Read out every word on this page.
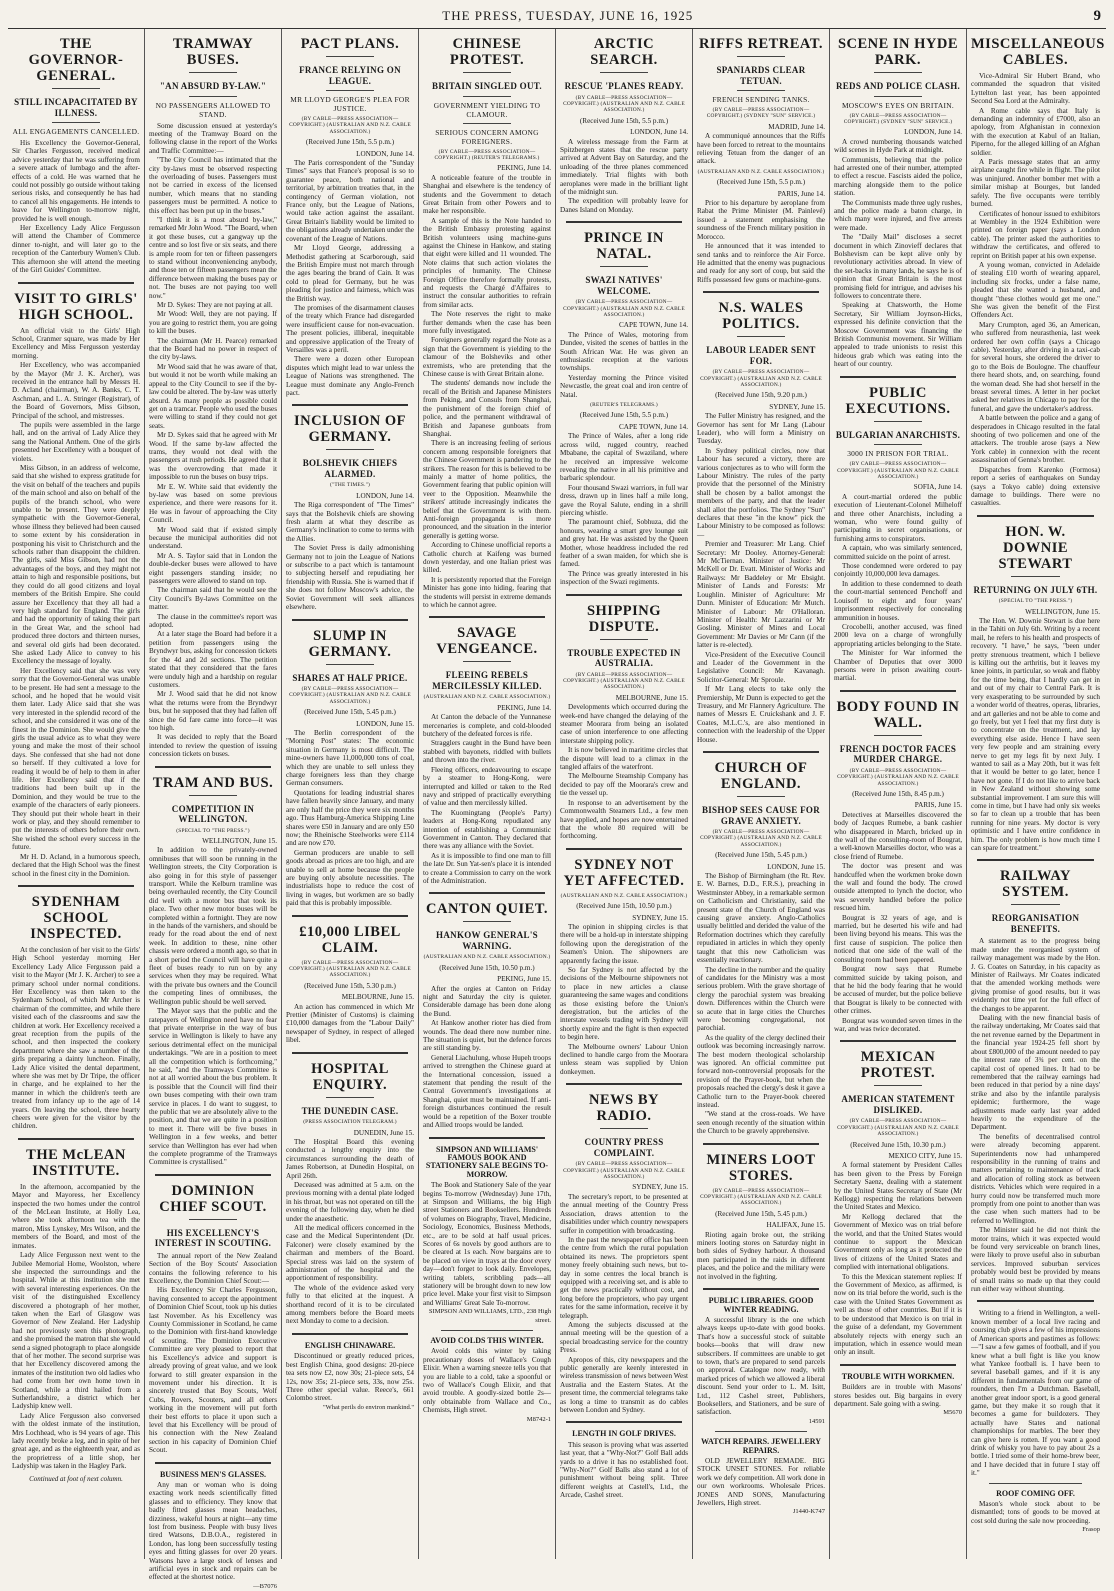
THE PRESS, TUESDAY, JUNE 16, 1925	9
THE GOVERNOR-GENERAL.
STILL INCAPACITATED BY ILLNESS.
ALL ENGAGEMENTS CANCELLED.

His Excellency the Governor-General, Sir Charles Fergusson, received medical advice yesterday that he was suffering from a severe attack of lumbago and the after-effects of a cold. He was warned that he could not possibly go outside without taking serious risks, and consequently he has had to cancel all his engagements. He intends to leave for Wellington to-morrow night, provided he is well enough.

Her Excellency Lady Alice Fergusson will attend the Chamber of Commerce dinner to-night, and will later go to the reception of the Canterbury Women's Club. This afternoon she will attend the meeting of the Girl Guides' Committee.

VISIT TO GIRLS' HIGH SCHOOL.

An official visit to the Girls' High School, Cranmer square, was made by Her Excellency and Miss Fergusson yesterday morning.

Her Excellency, who was accompanied by the Mayor (Mr J. K. Archer), was received in the entrance hall by Messrs H. D. Acland (chairman), W. A. Banks, C. T. Aschman, and L. A. Stringer (Registrar), of the Board of Governors, Miss Gibson, Principal of the school, and mistresses.

The pupils were assembled in the large hall, and on the arrival of Lady Alice they sang the National Anthem. One of the girls presented her Excellency with a bouquet of violets.

Miss Gibson, in an address of welcome, said that she wished to express gratitude for the visit on behalf of the teachers and pupils of the main school and also on behalf of the pupils of the branch school, who were unable to be present. They were deeply sympathetic with the Governor-General, whose illness they believed had been caused to some extent by his consideration in postponing his visit to Christchurch and the schools rather than disappoint the children. The girls, said Miss Gibson, had not the advantages of the boys, and they might not attain to high and responsible positions, but they could do all good citizens and loyal members of the British Empire. She could assure her Excellency that they all had a very high standard for England. The girls and had the opportunity of taking their part in the Great War, and the school had produced three doctors and thirteen nurses, and several old girls had been decorated. She asked Lady Alice to convey to his Excellency the message of loyalty.

Her Excellency said that she was very sorry that the Governor-General was unable to be present. He had sent a message to the school, and he hoped that he would visit them later. Lady Alice said that she was very interested in the splendid record of the school, and she considered it was one of the finest in the Dominion. She would give the girls the usual advice as to what they were young and make the most of their school days. She confessed that she had not done so herself. If they cultivated a love for reading it would be of help to them in after life. Her Excellency said that if the traditions had been built up in the Dominion, and they would be true to the example of the characters of early pioneers. They should put their whole heart in their work or play, and they should remember to put the interests of others before their own. She wished the school every success in the future.

Mr H. D. Acland, in a humorous speech, declared that the High School was the finest school in the finest city in the Dominion.

SYDENHAM SCHOOL INSPECTED.

At the conclusion of her visit to the Girls' High School yesterday morning Her Excellency Lady Alice Fergusson paid a visit to the Mayor (Mr J. K. Archer) to see a primary school under normal conditions. Her Excellency was then taken to the Sydenham School, of which Mr Archer is chairman of the committee, and while there visited each of the classrooms and saw the children at work. Her Excellency received a great reception from the pupils of the school, and then inspected the cookery department where she saw a number of the girls preparing a dainty luncheon. Finally, Lady Alice visited the dental department, where she was met by Dr Tripe, the officer in charge, and he explained to her the manner in which the children's teeth are treated from infancy up to the age of 14 years. On leaving the school, three hearty cheers were given for the visitor by the children.

THE McLEAN INSTITUTE.

In the afternoon, accompanied by the Mayor and Mayoress, her Excellency inspected the two homes under the control of the McLean Institute, at Holly Lea, where she took afternoon tea with the matron, Miss Lynskey, Mrs Wilson, and the members of the Board, and most of the inmates.

Lady Alice Fergusson next went to the Jubilee Memorial Home, Woolston, where she inspected the surroundings and the hospital. While at this institution she met with several interesting experiences. On the visit of the distinguished Excellency discovered a photograph of her mother, taken when the Earl of Glasgow was Governor of New Zealand. Her Ladyship had not previously seen this photograph, and she promised the matron that she would send a signed photograph to place alongside that of her mother. The second surprise was that her Excellency discovered among the inmates of the institution two old ladies who had come from her own home town in Scotland, while a third hailed from a Sutherlandshire, a district which her Ladyship knew well.

Lady Alice Fergusson also conversed with the oldest inmate of the institution, Mrs Lochhead, who is 94 years of age. This lady recently broke a leg, and in spite of her great age, and as the eighteenth year, and as the proprietress of a little shop, her Ladyship was taken in the Hagley Park.

Continued at foot of next column.
TRAMWAY BUSES.
"AN ABSURD BY-LAW."
NO PASSENGERS ALLOWED TO STAND.

Some discussion ensued at yesterday's meeting of the Tramway Board on the following clause in the report of the Works and Traffic Committee:—

"The City Council has intimated that the city by-laws must be observed respecting the overloading of buses. Passengers must not be carried in excess of the licensed number, which means that no standing passengers must be permitted. A notice to this effect has been put up in the buses."

"I think it is a most absurd by-law," remarked Mr John Wood. "The Board, when it got these buses, cut a gangway up the centre and so lost five or six seats, and there is ample room for ten or fifteen passengers to stand without inconveniencing anybody, and those ten or fifteen passengers mean the difference between making the buses pay or not. The buses are not paying too well now."

Mr D. Sykes: They are not paying at all.

Mr Wood: Well, they are not paying. If you are going to restrict them, you are going to kill the buses.

The chairman (Mr H. Pearce) remarked that the Board had no power in respect of the city by-laws.

Mr Wood said that he was aware of that, but would it not be worth while making an appeal to the City Council to see if the by-law could be altered. The by-law was utterly absurd. As many people as possible could get on a tramcar. People who used the buses were willing to stand if they could not get seats.

Mr D. Sykes said that he agreed with Mr Wood. If the same by-law affected the trams, they would not deal with the passengers at rush periods. He agreed that it was the overcrowding that made it impossible to run the buses on busy trips.

Mr E. W. White said that evidently the by-law was based on some previous experience, and there were reasons for it. He was in favour of approaching the City Council.

Mr Wood said that if existed simply because the municipal authorities did not understand.

Mr A. S. Taylor said that in London the double-decker buses were allowed to have eight passengers standing inside; no passengers were allowed to stand on top.

The chairman said that he would see the City Council's By-laws Committee on the matter.

The clause in the committee's report was adopted.

At a later stage the Board had before it a petition from passengers using the Bryndwyr bus, asking for concession tickets for the 4d and 2d sections. The petition stated that they considered that the fares were unduly high and a hardship on regular customers.

Mr J. Wood said that he did not know what the returns were from the Bryndwyr bus, but he supposed that they had fallen off since the 6d fare came into force—it was too high.

It was decided to reply that the Board intended to review the question of issuing concession tickets on buses.

TRAM AND BUS.
COMPETITION IN WELLINGTON.
(SPECIAL TO "THE PRESS.")
WELLINGTON, June 15.

In addition to the privately-owned omnibuses that will soon be running in the Wellington streets, the City Corporation is also going in for this style of passenger transport. While the Kelburn tramline was being overhauled recently, the City Council did well with a motor bus that took its place. Two other new motor buses will be completed within a fortnight. They are now in the hands of the varnishers, and should be ready for the road about the end of next week. In addition to these, nine other chassis were ordered a month ago, so that in a short period the Council will have quite a fleet of buses ready to run on by any services when they may be required. What with the private bus owners and the Council the competing lines of omnibuses, the Wellington public should be well served.

The Mayor says that the public and the ratepayers of Wellington need have no fear that private enterprise in the way of bus service in Wellington is likely to have any serious detrimental effect on the municipal undertakings. "We are in a position to meet all the competition which is forthcoming," he said, "and the Tramways Committee is not at all worried about the bus problem. It is possible that the Council will find their own buses competing with their own tram service in places. I do want to suggest, to the public that we are absolutely alive to the position, and that we are quite in a position to meet it. There will be five buses in Wellington in a few weeks, and better service than Wellington has ever had when the complete programme of the Tramways Committee is crystallised."

DOMINION CHIEF SCOUT.
HIS EXCELLENCY'S INTEREST IN SCOUTING.

The annual report of the New Zealand Section of the Boy Scouts' Association contains the following reference to his Excellency, the Dominion Chief Scout:—

His Excellency Sir Charles Fergusson, having consented to accept the appointment of Dominion Chief Scout, took up his duties last November. As his Excellency was County Commissioner in Scotland, he came to the Dominion with first-hand knowledge of scouting. The Dominion Executive Committee are very pleased to report that his Excellency's advice and support is already proving of great value, and we look forward to still greater expansion in the movement under his direction. It is sincerely trusted that Boy Scouts, Wolf Cubs, Rovers, Scouters, and all others working in the movement will put forth their best efforts to place it upon such a level that his Excellency will be proud of his connection with the New Zealand section in his capacity of Dominion Chief Scout.

BUSINESS MEN'S GLASSES.

Any man or woman who is doing exacting work needs scientifically fitted glasses and to efficiency. They know that badly fitted glasses mean headaches, dizziness, wakeful hours at night—any time lost from business. People with busy lives tired Watsons, D.B.O.A., registered in London, has long been successfully testing eyes and fitting glasses for over 20 years. Watsons have a large stock of lenses and artificial eyes in stock and repairs can be effected at the shortest notice.

—B7076
PACT PLANS.
FRANCE RELYING ON LEAGUE.
MR LLOYD GEORGE'S PLEA FOR JUSTICE.
(BY CABLE—PRESS ASSOCIATION—COPYRIGHT.) (AUSTRALIAN AND N.Z. CABLE ASSOCIATION.)
(Received June 15th, 5.5 p.m.)
LONDON, June 14.

The Paris correspondent of the "Sunday Times" says that France's proposal is so to guarantee peace, both national and territorial, by arbitration treaties that, in the contingency of German violation, not France only, but the League of Nations, would take action against the assailant. Great Britain's liability would be limited to the obligations already undertaken under the covenant of the League of Nations.

Mr Lloyd George, addressing a Methodist gathering at Scarborough, said the British Empire must not march through the ages bearing the brand of Cain. It was cold to plead for Germany, but he was pleading for justice and fairness, which was the British way.

The promises of the disarmament clauses of the treaty which France had disregarded were insufficient cause for non-evacuation. The present policies, illiberal, inequitable and oppressive application of the Treaty of Versailles was a peril.

There were a dozen other European disputes which might lead to war unless the League of Nations was strengthened. The League must dominate any Anglo-French pact.

INCLUSION OF GERMANY.
BOLSHEVIK CHIEFS ALARMED.
("THE TIMES.")
LONDON, June 14.

The Riga correspondent of "The Times" says that the Bolshevik chiefs are showing fresh alarm at what they describe as Germany's inclination to come to terms with the Allies.

The Soviet Press is daily admonishing Germany not to join the League of Nations or subscribe to a pact which is tantamount to subjecting herself and repudiating her friendship with Russia. She is warned that if she does not follow Moscow's advice, the Soviet Government will seek alliances elsewhere.

SLUMP IN GERMANY.
SHARES AT HALF PRICE.
(BY CABLE—PRESS ASSOCIATION—COPYRIGHT.) (AUSTRALIAN AND N.Z. CABLE ASSOCIATION.)
(Received June 15th, 5.45 p.m.)
LONDON, June 15.

The Berlin correspondent of the "Morning Post" states: The economic situation in Germany is most difficult. The mine-owners have 11,000,000 tons of coal, which they are unable to sell unless they charge foreigners less than they charge German consumers.

Quotations for leading industrial shares have fallen heavily since January, and many are only half the price they were six months ago. Thus Hamburg-America Shipping Line shares were £50 in January and are only £50 now; the Rheinische Steelworks were £114 and are now £70.

German producers are unable to sell goods abroad as prices are too high, and are unable to sell at home because the people are buying only absolute necessities. The industrialists hope to reduce the cost of living in wages, but workmen are so badly paid that this is probably impossible.

£10,000 LIBEL CLAIM.
(BY CABLE—PRESS ASSOCIATION—COPYRIGHT.) (AUSTRALIAN AND N.Z. CABLE ASSOCIATION.)
(Received June 15th, 5.30 p.m.)
MELBOURNE, June 15.

An action has commenced in which Mr Prettier (Minister of Customs) is claiming £10,000 damages from the "Labour Daily" newspaper of Sydney, in respect of alleged libel.

HOSPITAL ENQUIRY.
THE DUNEDIN CASE.
(PRESS ASSOCIATION TELEGRAM.)
DUNEDIN, June 15.

The Hospital Board this evening conducted a lengthy enquiry into the circumstances surrounding the death of James Robertson, at Dunedin Hospital, on April 26th.

Deceased was admitted at 5 a.m. on the previous morning with a dental plate lodged in his throat, but was not operated on till the evening of the following day, when he died under the anaesthetic.

All the medical officers concerned in the case and the Medical Superintendent (Dr. Falconer) were closely examined by the chairman and members of the Board. Special stress was laid on the system of administration of the hospital and the apportionment of responsibility.

The whole of the evidence asked very fully to that elicited at the inquest. A shorthand record of it is to be circulated among members before the Board meets next Monday to come to a decision.

ENGLISH CHINAWARE.

Discontinued or greatly reduced prices, best English China, good designs: 20-piece tea sets now £2, now 30s; 21-piece sets, £4 12s, now 35s; 21-piece sets, 33s, now 25s. Three other special value. Reece's, 661 Colombo street.

"What perils do environ mankind."
CHINESE PROTEST.
BRITAIN SINGLED OUT.
GOVERNMENT YIELDING TO CLAMOUR.
SERIOUS CONCERN AMONG FOREIGNERS.
(BY CABLE—PRESS ASSOCIATION—COPYRIGHT.) (REUTER'S TELEGRAMS.)
PEKING, June 14.

A noticeable feature of the trouble in Shanghai and elsewhere is the tendency of students and the Government to detach Great Britain from other Powers and to make her responsible.

A sample of this is the Note handed to the British Embassy protesting against British volunteers using machine-guns against the Chinese in Hankow, and stating that eight were killed and 11 wounded. The Note claims that such action violates the principles of humanity. The Chinese Foreign Office therefore formally protests, and requests the Chargé d'Affaires to instruct the consular authorities to refrain from similar acts.

The Note reserves the right to make further demands when the case has been more fully investigated.

Foreigners generally regard the Note as a sign that the Government is yielding to the clamour of the Bolsheviks and other extremists, who are pretending that the Chinese cause is with Great Britain alone.

The students' demands now include the recall of the British and Japanese Ministers from Peking, and Consuls from Shanghai, the punishment of the foreign chief of police, and the permanent withdrawal of British and Japanese gunboats from Shanghai.

There is an increasing feeling of serious concern among responsible foreigners that the Chinese Government is pandering to the strikers. The reason for this is believed to be mainly a matter of home politics, the Government fearing that public opinion will veer to the Opposition. Meanwhile the strikers' attitude increasingly indicates the belief that the Government is with them. Anti-foreign propaganda is more pronounced, and the situation in the interior generally is getting worse.

According to Chinese unofficial reports a Catholic church at Kaifeng was burned down yesterday, and one Italian priest was killed.

It is persistently reported that the Foreign Minister has gone into hiding, fearing that the students will persist in extreme demands to which he cannot agree.

SAVAGE VENGEANCE.
FLEEING REBELS MERCILESSLY KILLED.
(AUSTRALIAN AND N.Z. CABLE ASSOCIATION.)
PEKING, June 14.

At Canton the debacle of the Yunnanese mercenaries is complete, and cold-blooded butchery of the defeated forces is rife.

Stragglers caught in the Bund have been stabbed with bayonets, riddled with bullets and thrown into the river.

Fleeing officers, endeavouring to escape by a steamer to Hong-Kong, were interrupted and killed or taken to the Red navy and stripped of practically everything of value and then mercilessly killed.

The Kuomingtang (People's Party) leaders at Hong-Kong repudiated any intention of establishing a Communistic Government in Canton. They declared that there was any alliance with the Soviet.

As it is impossible to find one man to fill the late Dr. Sun Yat-sen's place it is intended to create a Commission to carry on the work of the Administration.

CANTON QUIET.
HANKOW GENERAL'S WARNING.
(AUSTRALIAN AND N.Z. CABLE ASSOCIATION.)
(Received June 15th, 10.50 p.m.)
PEKING, June 15.

After the orgies at Canton on Friday night and Saturday the city is quieter. Considerable damage has been done along the Bund.

At Hankow another rioter has died from wounds. The dead there now number nine. The situation is quiet, but the defence forces are still standing by.

General Liachulung, whose Hupeh troops arrived to strengthen the Chinese guard at the International concession, issued a statement that pending the result of the Central Government's investigations at Shanghai, quiet must be maintained. If anti-foreign disturbances continued the result would be a repetition of the Boxer trouble and Allied troops would be landed.

SIMPSON AND WILLIAMS' FAMOUS BOOK AND STATIONERY SALE BEGINS TO-MORROW.

The Book and Stationery Sale of the year begins To-morrow (Wednesday) June 17th, at Simpson and Williams, the big High street Stationers and Booksellers. Hundreds of volumes on Biography, Travel, Medicine, Sociology, Economics, Business Methods, etc., are to be sold at half usual prices. Scores of 6s novels by good authors are to be cleared at 1s each. Now bargains are to be placed on view in trays at the door every day—don't forget to look daily. Envelopes, writing tablets, scribbling pads—all stationery will be brought down to new low price level. Make your first visit to Simpson and Williams' Great Sale To-morrow.

SIMPSON AND WILLIAMS, LTD., 238 High street.
AVOID COLDS THIS WINTER.

Avoid colds this winter by taking precautionary doses of Wallace's Cough Elixir. When a warning sneeze tells you that you are liable to a cold, take a spoonful or two of Wallace's Cough Elixir, and that avoid trouble. A goodly-sized bottle 2s—only obtainable from Wallace and Co., Chemists, High street.

M8742-1
ARCTIC SEARCH.
RESCUE 'PLANES READY.
(BY CABLE—PRESS ASSOCIATION—COPYRIGHT.) (AUSTRALIAN AND N.Z. CABLE ASSOCIATION.)
(Received June 15th, 5.5 p.m.)
LONDON, June 14.

A wireless message from the Farm at Spitzbergen states that the rescue party arrived at Advent Bay on Saturday, and the unloading of the three planes commenced immediately. Trial flights with both aeroplanes were made in the brilliant light of the midnight sun.

The expedition will probably leave for Danes Island on Monday.

PRINCE IN NATAL.
SWAZI NATIVES' WELCOME.
(BY CABLE—PRESS ASSOCIATION—COPYRIGHT.) (AUSTRALIAN AND N.Z. CABLE ASSOCIATION.)
CAPE TOWN, June 14.

The Prince of Wales, motoring from Dundee, visited the scenes of battles in the South African War. He was given an enthusiastic reception at the various townships.

Yesterday morning the Prince visited Newcastle, the great coal and iron centre of Natal.

(REUTER'S TELEGRAMS.)
(Received June 15th, 5.5 p.m.)
CAPE TOWN, June 14.

The Prince of Wales, after a long ride across wild, rugged country, reached Mbabane, the capital of Swaziland, where he received an impressive welcome revealing the native in all his primitive and barbaric splendour.

Four thousand Swazi warriors, in full war dress, drawn up in lines half a mile long, gave the Royal Salute, ending in a shrill piercing whistle.

The paramount chief, Sobhuza, did the honours, wearing a smart grey lounge suit and grey hat. He was assisted by the Queen Mother, whose headdress included the red feather of a swan maiden, for which she is famed.

The Prince was greatly interested in his inspection of the Swazi regiments.

SHIPPING DISPUTE.
TROUBLE EXPECTED IN AUSTRALIA.
(BY CABLE—PRESS ASSOCIATION—COPYRIGHT.) (AUSTRALIAN AND N.Z. CABLE ASSOCIATION.)
MELBOURNE, June 15.

Developments which occurred during the week-end have changed the delaying of the steamer Moorara from being an isolated case of union interference to one affecting interstate shipping policy.

It is now believed in maritime circles that the dispute will lead to a climax in the tangled affairs of the waterfront.

The Melbourne Steamship Company has decided to pay off the Moorara's crew and tie the vessel up.

In response to an advertisement by the Commonwealth Steamers Ltd., a few men have applied, and hopes are now entertained that the whole 80 required will be forthcoming.

SYDNEY NOT YET AFFECTED.
(AUSTRALIAN AND N.Z. CABLE ASSOCIATION.)
(Received June 15th, 10.50 p.m.)
SYDNEY, June 15.

The opinion in shipping circles is that there will be a hold-up in interstate shipping following upon the deregistration of the Seamen's Union. The shipowners are apparently facing the issue.

So far Sydney is not affected by the decisions of the Melbourne shipowners not to place in new articles a clause guaranteeing the same wages and conditions as those existing before the Union's deregistration, but the articles of the interstate vessels trading with Sydney will shortly expire and the fight is then expected to begin here.

The Melbourne owners' Labour Union declined to handle cargo from the Moorara unless steam was supplied by Union donkeymen.

NEWS BY RADIO.
COUNTRY PRESS COMPLAINT.
(BY CABLE—PRESS ASSOCIATION—COPYRIGHT.) (AUSTRALIAN AND N.Z. CABLE ASSOCIATION.)
SYDNEY, June 15.

The secretary's report, to be presented at the annual meeting of the Country Press Association, draws attention to the disabilities under which country newspapers suffer in competition with broadcasting.

In the past the newspaper office has been the centre from which the rural population obtained its news. The proprietors spent money freely obtaining such news, but to-day in some centres the local branch is equipped with a receiving set, and is able to get the news practically without cost, and long before the proprietors, who pay urgent rates for the same information, receive it by telegraph.

Among the subjects discussed at the annual meeting will be the question of a special broadcasting service for the country Press.

Apropos of this, city newspapers and the public generally are keenly interested in wireless transmission of news between West Australia and the Eastern States. At the present time, the commercial telegrams take as long a time to transmit as do cables between London and Sydney.

LENGTH IN GOLF DRIVES.

This season is proving what was asserted last year, that a "Why-Not?" Golf Ball adds yards to a drive it has no established foot. "Why-Not?" Golf Balls also stand a lot of punishment without being split. Three different weights at Castell's, Ltd., the Arcade, Cashel street.

RIFFS RETREAT.
SPANIARDS CLEAR TETUAN.
FRENCH SENDING TANKS.
(BY CABLE—PRESS ASSOCIATION—COPYRIGHT.) (SYDNEY "SUN" SERVICE.)
MADRID, June 14.

A communiqué announces that the Riffs have been forced to retreat to the mountains relieving Tetuan from the danger of an attack.

(AUSTRALIAN AND N.Z. CABLE ASSOCIATION.)
(Received June 15th, 5.5 p.m.)
PARIS, June 14.

Prior to his departure by aeroplane from Rabat the Prime Minister (M. Painlevé) issued a statement emphasising the soundness of the French military position in Morocco.

He announced that it was intended to send tanks and to reinforce the Air Force. He admitted that the enemy was pugnacious and ready for any sort of coup, but said the Riffs possessed few guns or machine-guns.

N.S. WALES POLITICS.
LABOUR LEADER SENT FOR.
(BY CABLE—PRESS ASSOCIATION—COPYRIGHT.) (AUSTRALIAN AND N.Z. CABLE ASSOCIATION.)
(Received June 15th, 9.20 p.m.)
SYDNEY, June 15.

The Fuller Ministry has resigned, and the Governor has sent for Mr Lang (Labour Leader), who will form a Ministry on Tuesday.

In Sydney political circles, now that Labour has secured a victory, there are various conjectures as to who will form the Labour Ministry. The rules of the party provide that the personnel of the Ministry shall be chosen by a ballot amongst the members of the party, and that the leader shall allot the portfolios. The Sydney "Sun" declares that these "in the know" pick the Labour Ministry to be composed as follows:—

Premier and Treasurer: Mr Lang. Chief Secretary: Mr Dooley. Attorney-General: Mr McTiernan. Minister of Justice: Mr McKell or Dr. Evatt. Minister of Works and Railways: Mr Baddeley or Mr Ebsight. Minister of Lands and Forests: Mr Loughlin. Minister of Agriculture: Mr Dunn. Minister of Education: Mr Mutch. Minister of Labour: Mr O'Halloran. Minister of Health: Mr Lazzarini or Mr Gosling. Minister of Mines and Local Government: Mr Davies or Mr Cann (if the latter is re-elected).

Vice-President of the Executive Council and Leader of the Government in the Legislative Council: Mr Kavanagh. Solicitor-General: Mr Sproule.

If Mr Lang elects to take only the Premiership, Mr Dunn is expected to get the Treasury, and Mr Flannery Agriculture. The names of Messrs E. Cruickshank and J. F. Coates, M.L.C.'s, are also mentioned in connection with the leadership of the Upper House.

CHURCH OF ENGLAND.
BISHOP SEES CAUSE FOR GRAVE ANXIETY.
(BY CABLE—PRESS ASSOCIATION—COPYRIGHT.) (AUSTRALIAN AND N.Z. CABLE ASSOCIATION.)
(Received June 15th, 5.45 p.m.)
LONDON, June 15.

The Bishop of Birmingham (the Rt. Rev. E. W. Barnes, D.D., F.R.S.), preaching in Westminster Abbey, in a remarkable sermon on Catholicism and Christianity, said the present state of the Church of England was causing grave anxiety. Anglo-Catholics usually belittled and derided the value of the Reformation doctrines which they carefully repudiated in articles in which they openly taught that this new Catholicism was essentially reactionary.

The decline in the number and the quality of candidates for the Ministry was a most serious problem. With the grave shortage of clergy the parochial system was breaking down. Differences within the Church were so acute that in large cities the Churches were becoming congregational, not parochial.

As the quality of the clergy declined their outlook was becoming increasingly narrow. The best modern theological scholarship was ignored. An official committee put forward non-controversial proposals for the revision of the Prayer-book, but when the proposals reached the clergy's desk it gave a Catholic turn to the Prayer-book cheered instead.

"We stand at the cross-roads. We have seen enough recently of the situation within the Church to be gravely apprehensive.

MINERS LOOT STORES.
(BY CABLE—PRESS ASSOCIATION—COPYRIGHT.) (AUSTRALIAN AND N.Z. CABLE ASSOCIATION.)
(Received June 15th, 5.45 p.m.)
HALIFAX, June 15.

Rioting again broke out, the striking miners looting stores on Saturday night in both sides of Sydney harbour. A thousand men participated in the raids in different places, and the police and the military were not involved in the fighting.

PUBLIC LIBRARIES. GOOD WINTER READING.

A successful library is the one which always keeps up-to-date with good books. That's how a successful stock of suitable books—books that will draw new subscribers. If committees are unable to get to town, that's are prepared to send parcels on approval. Catalogue now ready, with marked prices of which we allowed a liberal discount. Send your order to L. M. Isitt, Ltd., 112 Cashel street, Publishers, Booksellers, and Stationers, and be sure of satisfaction.

14591
WATCH REPAIRS. JEWELLERY REPAIRS.

OLD JEWELLERY REMADE. BIG STOCK UNSET STONES. For reliable work we defy competition. All work done in our own workrooms. Wholesale Prices. JONES AND SONS, Manufacturing Jewellers, High street.

J1440-K747
SCENE IN HYDE PARK.
REDS AND POLICE CLASH.
MOSCOW'S EYES ON BRITAIN.
(BY CABLE—PRESS ASSOCIATION—COPYRIGHT.) (SYDNEY "SUN" SERVICE.)
LONDON, June 14.

A crowd numbering thousands watched wild scenes in Hyde Park at midnight.

Communists, believing that the police had arrested one of their number, attempted to effect a rescue. Fascists aided the police, marching alongside them to the police station.

The Communists made three ugly rushes, and the police made a baton charge, in which many were injured, and five arrests were made.

The "Daily Mail" discloses a secret document in which Zinovieff declares that Bolshevism can be kept alive only by revolutionary activities abroad. In view of the set-backs in many lands, he says he is of opinion that Great Britain is the most promising field for intrigue, and advises his followers to concentrate there.

Speaking at Chatsworth, the Home Secretary, Sir William Joynson-Hicks, expressed his definite conviction that the Moscow Government was financing the British Communist movement. Sir William appealed to trade unionists to resist this hideous grab which was eating into the heart of our country.

PUBLIC EXECUTIONS.
BULGARIAN ANARCHISTS.
3000 IN PRISON FOR TRIAL.
(BY CABLE—PRESS ASSOCIATION—COPYRIGHT.) (AUSTRALIAN AND N.Z. CABLE ASSOCIATION.)
SOFIA, June 14.

A court-martial ordered the public execution of Lieutenant-Colonel Milheloff and three other Anarchists, including a woman, who were found guilty of participating in secret organisations, or furnishing arms to conspirators.

A captain, who was similarly sentenced, committed suicide on the point of arrest.

Those condemned were ordered to pay conjointly 10,000,000 leva damages.

In addition to these condemned to death the court-martial sentenced Penchoff and Louisoff to eight and four years' imprisonment respectively for concealing ammunition in houses.

Crocobelli, another accused, was fined 2000 leva on a charge of wrongfully appropriating articles belonging to the State.

The Minister for War informed the Chamber of Deputies that over 3000 persons were in prison awaiting court-martial.

BODY FOUND IN WALL.
FRENCH DOCTOR FACES MURDER CHARGE.
(BY CABLE—PRESS ASSOCIATION—COPYRIGHT.) (AUSTRALIAN AND N.Z. CABLE ASSOCIATION.)
(Received June 15th, 8.45 p.m.)
PARIS, June 15.

Detectives at Marseilles discovered the body of Jacques Rumebe, a bank cashier who disappeared in March, bricked up in the wall of the consulting-room of Bougrat, a well-known Marseilles doctor, who was a close friend of Rumebe.

The doctor was present and was handcuffed when the workmen broke down the wall and found the body. The crowd outside attempted to lynch the doctor, who was severely handled before the police rescued him.

Bougrat is 32 years of age, and is married, but he deserted his wife and had been living beyond his means. This was the first cause of suspicion. The police then noticed that one side of the wall of the consulting room had been papered.

Bougrat now says that Rumebe committed suicide by taking poison, and that he hid the body fearing that he would be accused of murder, but the police believe that Bougrat is likely to be connected with other crimes.

Bougrat was wounded seven times in the war, and was twice decorated.

MEXICAN PROTEST.
AMERICAN STATEMENT DISLIKED.
(BY CABLE—PRESS ASSOCIATION—COPYRIGHT.) (AUSTRALIAN AND N.Z. CABLE ASSOCIATION.)
(Received June 15th, 10.30 p.m.)
MEXICO CITY, June 15.

A formal statement by President Calles has been given to the Press by Foreign Secretary Saenz, dealing with a statement by the United States Secretary of State (Mr Kellogg) respecting the relations between the United States and Mexico.

Mr Kellogg declared that the Government of Mexico was on trial before the world, and that the United States would continue to support the Mexican Government only as long as it protected the lives of citizens of the United States and complied with international obligations.

To this the Mexican statement replies: If the Government of Mexico, as affirmed, is now on its trial before the world, such is the case with the United States Government as well as those of other countries. But if it is to be understood that Mexico is on trial in the guise of a defendant, my Government absolutely rejects with energy such an imputation, which in essence would mean only an insult.

TROUBLE WITH WORKMEN.

Builders are in trouble with Masons' stores besides out. Big bargains in every department. Sale going with a swing.

M5670
MISCELLANEOUS CABLES.

Vice-Admiral Sir Hubert Brand, who commanded the squadron that visited Lyttelton last year, has been appointed Second Sea Lord at the Admiralty.

A Rome cable says that Italy is demanding an indemnity of £7000, also an apology, from Afghanistan in connexion with the execution at Kabul of an Italian, Piperno, for the alleged killing of an Afghan soldier.

A Paris message states that an army airplane caught fire while in flight. The pilot was uninjured. Another bomber met with a similar mishap at Bourges, but landed safely. The five occupants were terribly burned.

Certificates of honour issued to exhibitors at Wembley in the 1924 Exhibition were printed on foreign paper (says a London cable). The printer asked the authorities to withdraw the certificates, and offered to reprint on British paper at his own expense.

A young woman, convicted in Adelaide of stealing £10 worth of wearing apparel, including six frocks, under a false name, pleaded that she wanted a husband, and thought "these clothes would get me one." She was given the benefit of the First Offenders Act.

Mary Crumpton, aged 36, an American, who suffered from neurasthenia, last week ordered her own coffin (says a Chicago cable). Yesterday, after driving in a taxi-cab for several hours, she ordered the driver to go to the Bois de Boulogne. The chauffeur there heard shots, and, on searching, found the woman dead. She had shot herself in the breast several times. A letter in her pocket asked her relatives in Chicago to pay for the funeral, and gave the undertaker's address.

A battle between the police and a gang of desperadoes in Chicago resulted in the fatal shooting of two policemen and one of the attackers. The trouble arose (says a New York cable) in connexion with the recent assassination of Genna's brother.

Dispatches from Karenko (Formosa) report a series of earthquakes on Sunday (says a Tokyo cable) doing extensive damage to buildings. There were no casualties.

HON. W. DOWNIE STEWART
RETURNING ON JULY 6TH.
(SPECIAL TO "THE PRESS.")
WELLINGTON, June 15.

The Hon. W. Downie Stewart is due here in the Tahiti on July 6th. Writing by a recent mail, he refers to his health and prospects of recovery. "I have," he says, "been under pretty strenuous treatment, which I believe is killing out the arthritis, but it leaves my knee joints, in particular, so weak and flabby for the time being, that I hardly can get in and out of my chair to Central Park. It is very exasperating to be surrounded by such a wonder world of theatres, operas, libraries, and art galleries and not be able to come and go freely, but yet I feel that my first duty is to concentrate on the treatment, and lay everything else aside. Hence I have seen very few people and am straining every nerve to get my legs fit by next July. I wanted to sail as a May 20th, but it was felt that it would be better to go later, hence I have not gone. If I do not like to arrive back in New Zealand without showing some substantial improvement. I am sure this will come in time, but I have had only six weeks so far to clean up a trouble that has been running for nine years. My doctor is very optimistic and I have entire confidence in him. The only problem is how much time I can spare for treatment."

RAILWAY SYSTEM.
REORGANISATION BENEFITS.

A statement as to the progress being made under the reorganised system of railway management was made by the Hon. J. G. Coates on Saturday, in his capacity as Minister of Railways. Mr Coates indicated that the amended working methods were giving promise of good results, but it was evidently not time yet for the full effect of the changes to be apparent.

Dealing with the new financial basis of the railway undertaking, Mr Coates said that the net revenue earned by the Department in the financial year 1924-25 fell short by about £800,000 of the amount needed to pay the interest rate of 3¾ per cent. on the capital cost of opened lines. It had to be remembered that the railway earnings had been reduced in that period by a nine days' strike and also by the infantile paralysis epidemic; furthermore, the wage adjustments made early last year added heavily to the expenditure of the Department.

The benefits of decentralised control were already becoming apparent. Superintendents now had unhampered responsibility in the running of trains and matters pertaining to maintenance of track and allocation of rolling stock as between districts. Vehicles which were required in a hurry could now be transferred much more promptly from one point to another than was the case when such matters had to be referred to Wellington.

The Minister said he did not think the motor trains, which it was expected would be found very serviceable on branch lines, were likely to prove useful also in suburban services. Improved suburban services probably would best be provided by means of small trains so made up that they could run either way without shunting.

Writing to a friend in Wellington, a well-known member of a local live racing and coursing club gives a few of his impressions of American sports and pastimes as follows:—"I saw a few games of football, and if you knew what a bull fight is like you know what Yankee football is. I have been to several baseball games, and if it is any different in fundamentals from our game of rounders, then I'm a Dutchman. Baseball, another great indoor sport, is a good general game, but they make it so rough that it becomes a game for buildozers. They actually have States and national championships for marbles. The beer they can give here is rotten. If you want a good drink of whisky you have to pay about 2s a bottle. I tried some of their home-brew beer, and I have decided that in future I stay off it."

ROOF COMING OFF.

Mason's whole stock about to be dismantled; tons of goods to be moved at cost sold during the sale now proceeding.

Frasop
